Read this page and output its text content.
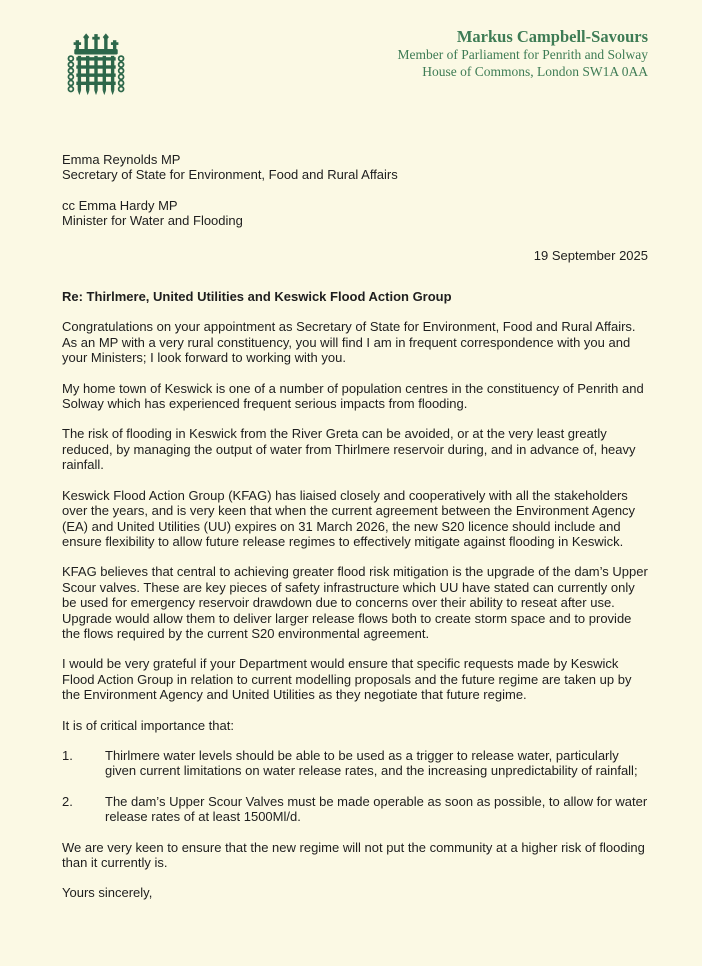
Markus Campbell-Savours
Member of Parliament for Penrith and Solway
House of Commons, London SW1A 0AA
Emma Reynolds MP
Secretary of State for Environment, Food and Rural Affairs
cc Emma Hardy MP
Minister for Water and Flooding
19 September 2025
Re: Thirlmere, United Utilities and Keswick Flood Action Group

Congratulations on your appointment as Secretary of State for Environment, Food and Rural Affairs. As an MP with a very rural constituency, you will find I am in frequent correspondence with you and your Ministers; I look forward to working with you.

My home town of Keswick is one of a number of population centres in the constituency of Penrith and Solway which has experienced frequent serious impacts from flooding.

The risk of flooding in Keswick from the River Greta can be avoided, or at the very least greatly reduced, by managing the output of water from Thirlmere reservoir during, and in advance of, heavy rainfall.

Keswick Flood Action Group (KFAG) has liaised closely and cooperatively with all the stakeholders over the years, and is very keen that when the current agreement between the Environment Agency (EA) and United Utilities (UU) expires on 31 March 2026, the new S20 licence should include and ensure flexibility to allow future release regimes to effectively mitigate against flooding in Keswick.

KFAG believes that central to achieving greater flood risk mitigation is the upgrade of the dam’s Upper Scour valves. These are key pieces of safety infrastructure which UU have stated can currently only be used for emergency reservoir drawdown due to concerns over their ability to reseat after use. Upgrade would allow them to deliver larger release flows both to create storm space and to provide the flows required by the current S20 environmental agreement.

I would be very grateful if your Department would ensure that specific requests made by Keswick Flood Action Group in relation to current modelling proposals and the future regime are taken up by the Environment Agency and United Utilities as they negotiate that future regime.

It is of critical importance that:

1.	Thirlmere water levels should be able to be used as a trigger to release water, particularly given current limitations on water release rates, and the increasing unpredictability of rainfall;
2.	The dam’s Upper Scour Valves must be made operable as soon as possible, to allow for water release rates of at least 1500Ml/d.

We are very keen to ensure that the new regime will not put the community at a higher risk of flooding than it currently is.

Yours sincerely,
